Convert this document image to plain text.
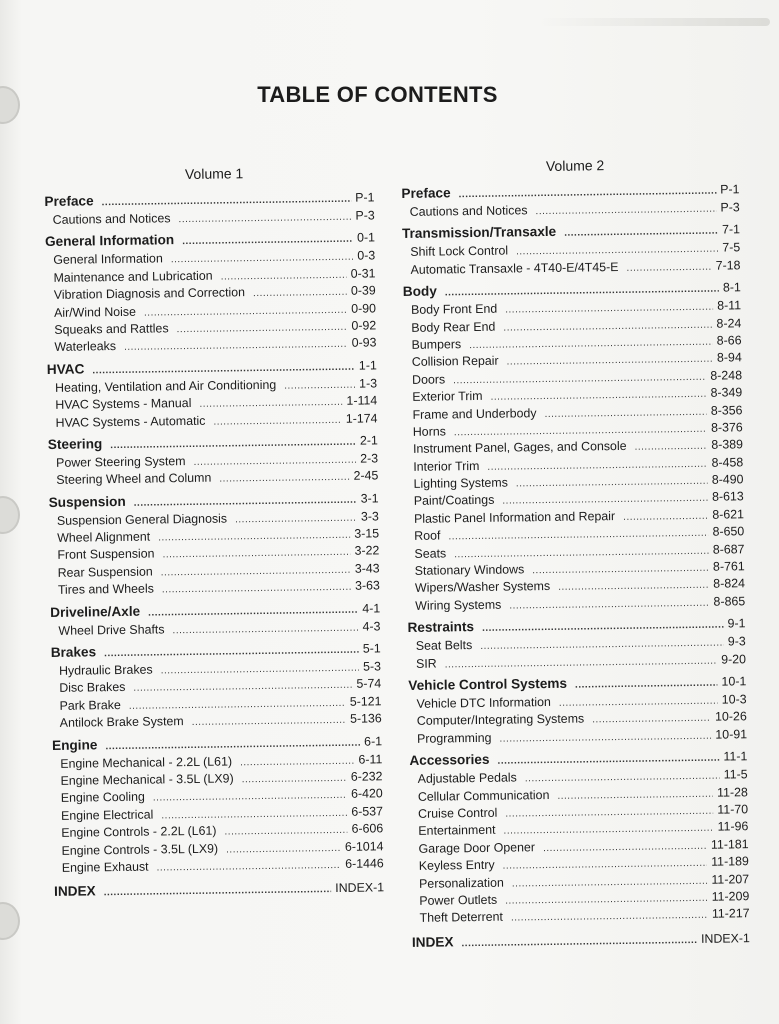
TABLE OF CONTENTS
Volume 1
Preface .....	P-1
Cautions and Notices .....	P-3
General Information .....	0-1
General Information .....	0-3
Maintenance and Lubrication .....	0-31
Vibration Diagnosis and Correction .....	0-39
Air/Wind Noise .....	0-90
Squeaks and Rattles .....	0-92
Waterleaks .....	0-93
HVAC .....	1-1
Heating, Ventilation and Air Conditioning .....	1-3
HVAC Systems - Manual .....	1-114
HVAC Systems - Automatic .....	1-174
Steering .....	2-1
Power Steering System .....	2-3
Steering Wheel and Column .....	2-45
Suspension .....	3-1
Suspension General Diagnosis .....	3-3
Wheel Alignment .....	3-15
Front Suspension .....	3-22
Rear Suspension .....	3-43
Tires and Wheels .....	3-63
Driveline/Axle .....	4-1
Wheel Drive Shafts .....	4-3
Brakes .....	5-1
Hydraulic Brakes .....	5-3
Disc Brakes .....	5-74
Park Brake .....	5-121
Antilock Brake System .....	5-136
Engine .....	6-1
Engine Mechanical - 2.2L (L61) .....	6-11
Engine Mechanical - 3.5L (LX9) .....	6-232
Engine Cooling .....	6-420
Engine Electrical .....	6-537
Engine Controls - 2.2L (L61) .....	6-606
Engine Controls - 3.5L (LX9) .....	6-1014
Engine Exhaust .....	6-1446
INDEX .....	INDEX-1
Volume 2
Preface .....	P-1
Cautions and Notices .....	P-3
Transmission/Transaxle .....	7-1
Shift Lock Control .....	7-5
Automatic Transaxle - 4T40-E/4T45-E .....	7-18
Body .....	8-1
Body Front End .....	8-11
Body Rear End .....	8-24
Bumpers .....	8-66
Collision Repair .....	8-94
Doors .....	8-248
Exterior Trim .....	8-349
Frame and Underbody .....	8-356
Horns .....	8-376
Instrument Panel, Gages, and Console .....	8-389
Interior Trim .....	8-458
Lighting Systems .....	8-490
Paint/Coatings .....	8-613
Plastic Panel Information and Repair .....	8-621
Roof .....	8-650
Seats .....	8-687
Stationary Windows .....	8-761
Wipers/Washer Systems .....	8-824
Wiring Systems .....	8-865
Restraints .....	9-1
Seat Belts .....	9-3
SIR .....	9-20
Vehicle Control Systems .....	10-1
Vehicle DTC Information .....	10-3
Computer/Integrating Systems .....	10-26
Programming .....	10-91
Accessories .....	11-1
Adjustable Pedals .....	11-5
Cellular Communication .....	11-28
Cruise Control .....	11-70
Entertainment .....	11-96
Garage Door Opener .....	11-181
Keyless Entry .....	11-189
Personalization .....	11-207
Power Outlets .....	11-209
Theft Deterrent .....	11-217
INDEX .....	INDEX-1
